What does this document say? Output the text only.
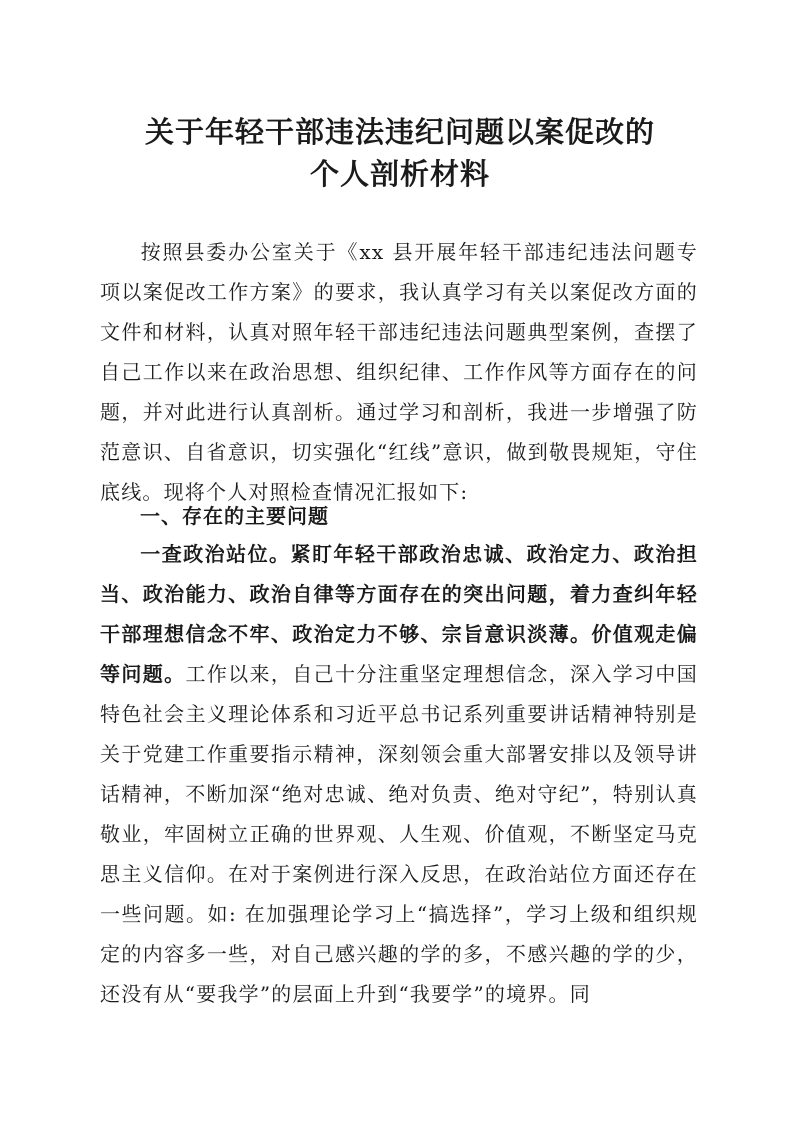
关于年轻干部违法违纪问题以案促改的
个人剖析材料
按照县委办公室关于《xx 县开展年轻干部违纪违法问题专项以案促改工作方案》的要求，我认真学习有关以案促改方面的文件和材料，认真对照年轻干部违纪违法问题典型案例，查摆了自己工作以来在政治思想、组织纪律、工作作风等方面存在的问题，并对此进行认真剖析。通过学习和剖析，我进一步增强了防范意识、自省意识，切实强化“红线”意识，做到敬畏规矩，守住底线。现将个人对照检查情况汇报如下:
一、存在的主要问题
一查政治站位。紧盯年轻干部政治忠诚、政治定力、政治担当、政治能力、政治自律等方面存在的突出问题，着力查纠年轻干部理想信念不牢、政治定力不够、宗旨意识淡薄。价值观走偏等问题。工作以来，自己十分注重坚定理想信念，深入学习中国特色社会主义理论体系和习近平总书记系列重要讲话精神特别是关于党建工作重要指示精神，深刻领会重大部署安排以及领导讲话精神，不断加深“绝对忠诚、绝对负责、绝对守纪”，特别认真敬业，牢固树立正确的世界观、人生观、价值观，不断坚定马克思主义信仰。在对于案例进行深入反思，在政治站位方面还存在一些问题。如: 在加强理论学习上“搞选择”，学习上级和组织规定的内容多一些，对自己感兴趣的学的多，不感兴趣的学的少，还没有从“要我学”的层面上升到“我要学”的境界。同
